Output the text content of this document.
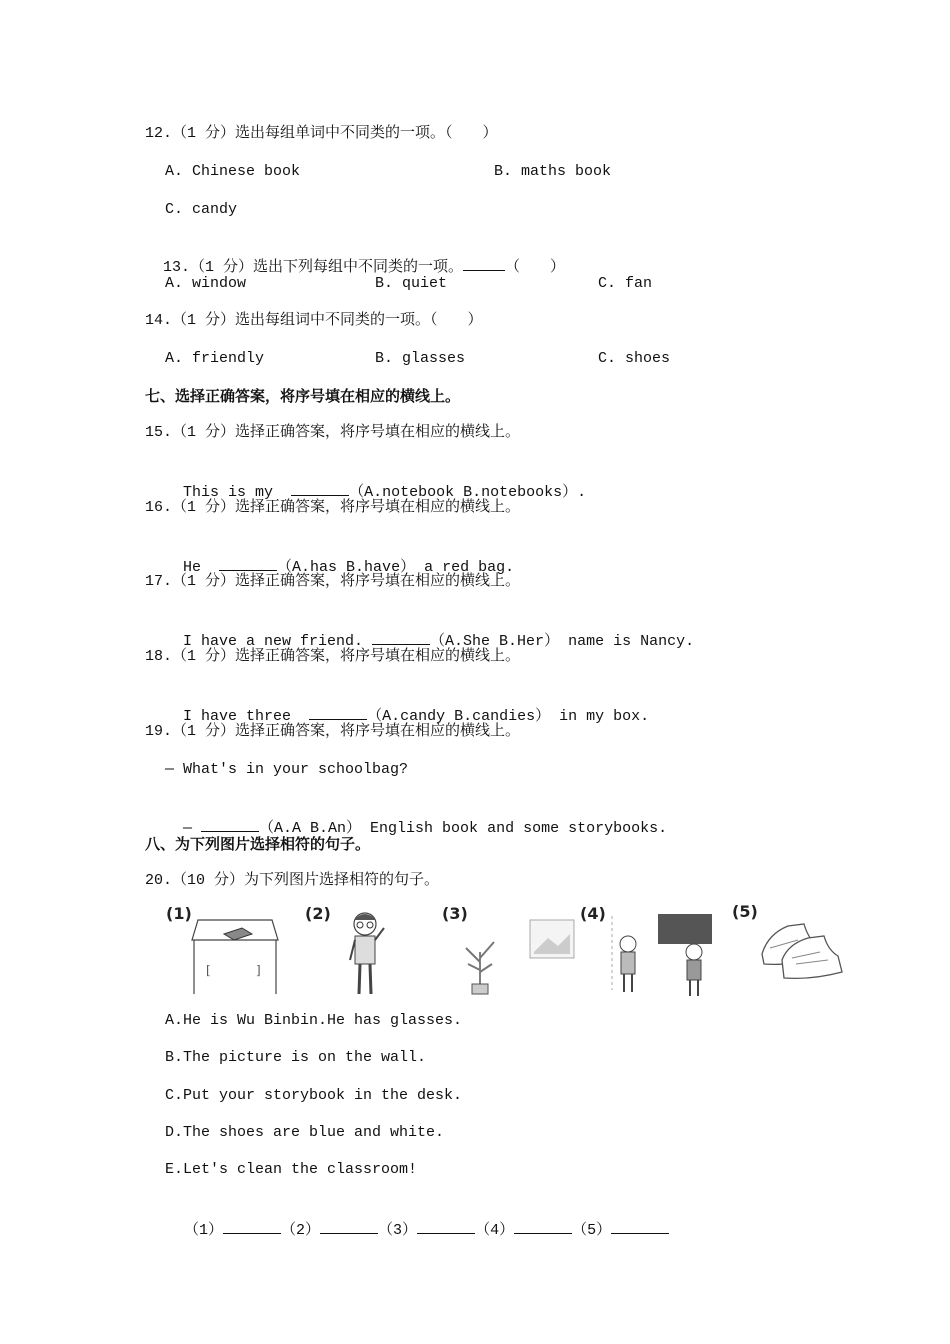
12.（1 分）选出每组单词中不同类的一项。（　　）
A. Chinese book	B. maths book
C. candy

13.（1 分）选出下列每组中不同类的一项。	（　　）

A. window	B. quiet	C. fan
14.（1 分）选出每组词中不同类的一项。（　　）
A. friendly	B. glasses	C. shoes
七、选择正确答案，将序号填在相应的横线上。
15.（1 分）选择正确答案，将序号填在相应的横线上。

This is my	（A.notebook B.notebooks）.

16.（1 分）选择正确答案，将序号填在相应的横线上。

He	（A.has B.have） a red bag.

17.（1 分）选择正确答案，将序号填在相应的横线上。

I have a new friend.	（A.She B.Her） name is Nancy.

18.（1 分）选择正确答案，将序号填在相应的横线上。

I have three	（A.candy B.candies） in my box.

19.（1 分）选择正确答案，将序号填在相应的横线上。
— What's in your schoolbag?

—	（A.A B.An） English book and some storybooks.

八、为下列图片选择相符的句子。
20.（10 分）为下列图片选择相符的句子。
(1)
[	]
(2)	(3)	(4)	(5)
A.He is Wu Binbin.He has glasses.
B.The picture is on the wall.
C.Put your storybook in the desk.
D.The shoes are blue and white.
E.Let's clean the classroom!

（1）	（2）	（3）	（4）	（5）
